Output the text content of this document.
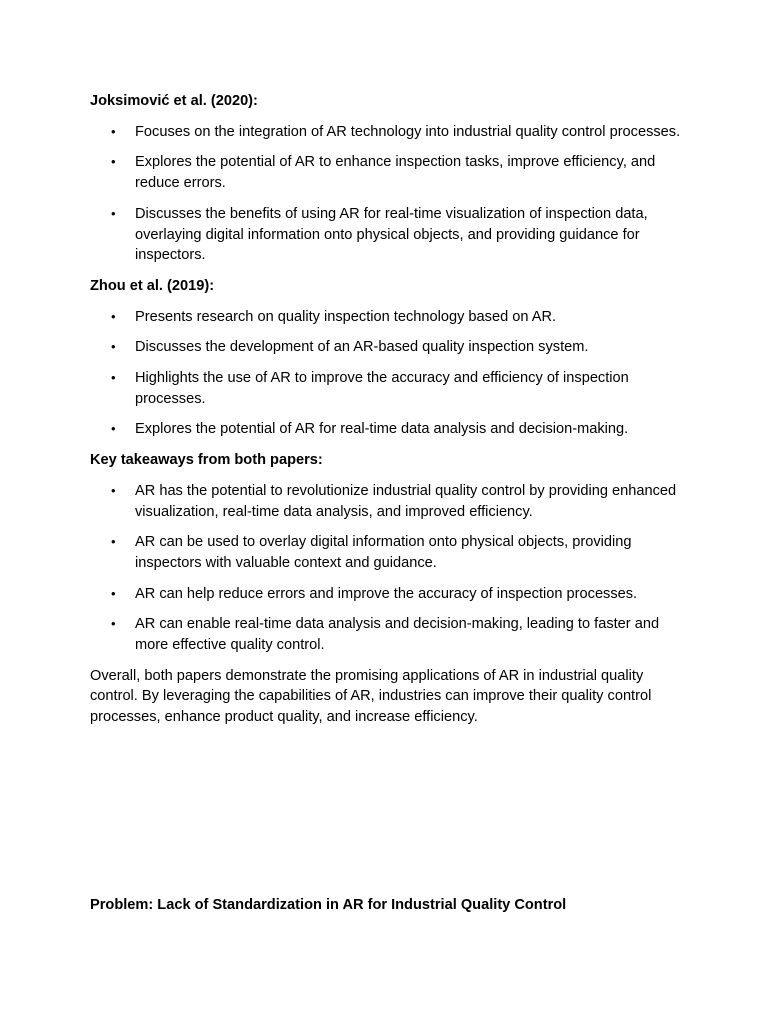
Joksimović et al. (2020):

• Focuses on the integration of AR technology into industrial quality control processes.
• Explores the potential of AR to enhance inspection tasks, improve efficiency, and reduce errors.
• Discusses the benefits of using AR for real-time visualization of inspection data, overlaying digital information onto physical objects, and providing guidance for inspectors.

Zhou et al. (2019):

• Presents research on quality inspection technology based on AR.
• Discusses the development of an AR-based quality inspection system.
• Highlights the use of AR to improve the accuracy and efficiency of inspection processes.
• Explores the potential of AR for real-time data analysis and decision-making.

Key takeaways from both papers:

• AR has the potential to revolutionize industrial quality control by providing enhanced visualization, real-time data analysis, and improved efficiency.
• AR can be used to overlay digital information onto physical objects, providing inspectors with valuable context and guidance.
• AR can help reduce errors and improve the accuracy of inspection processes.
• AR can enable real-time data analysis and decision-making, leading to faster and more effective quality control.

Overall, both papers demonstrate the promising applications of AR in industrial quality control. By leveraging the capabilities of AR, industries can improve their quality control processes, enhance product quality, and increase efficiency.

Problem: Lack of Standardization in AR for Industrial Quality Control
